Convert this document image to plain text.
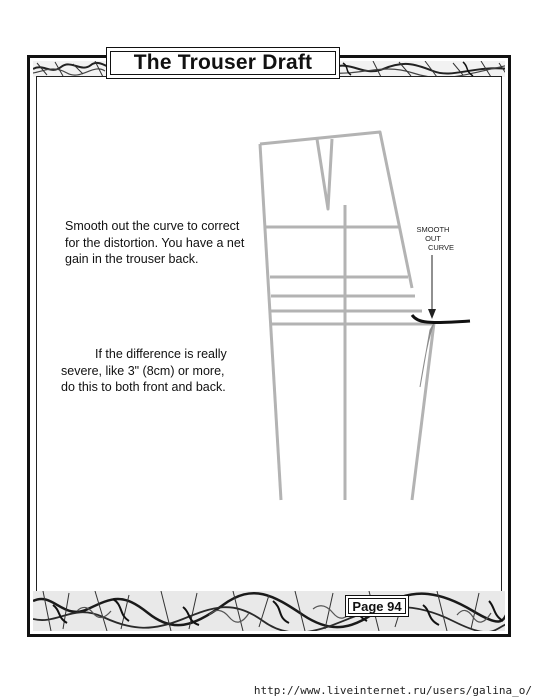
The Trouser Draft

Smooth out the curve to correct

for the distortion. You have a net

gain in the trouser back.

If the difference is really

severe, like 3" (8cm) or more,

do this to both front and back.

SMOOTH

OUT

CURVE

Page 94
http://www.liveinternet.ru/users/galina_o/
